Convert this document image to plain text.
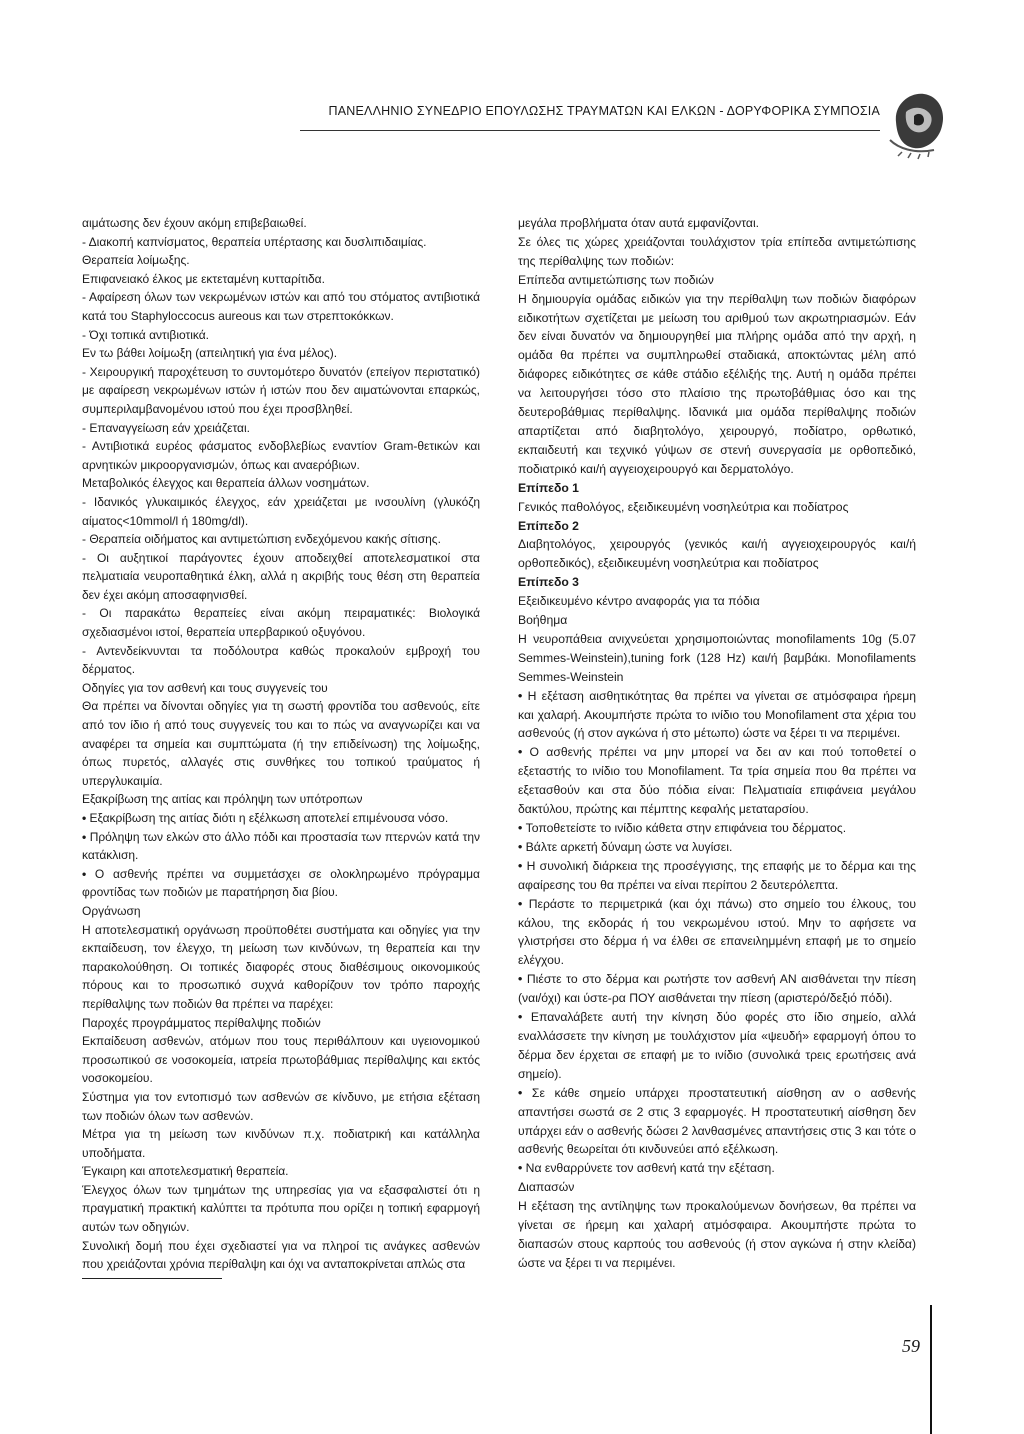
ΠΑΝΕΛΛΗΝΙΟ ΣΥΝΕΔΡΙΟ ΕΠΟΥΛΩΣΗΣ ΤΡΑΥΜΑΤΩΝ ΚΑΙ ΕΛΚΩΝ - ΔΟΡΥΦΟΡΙΚΑ ΣΥΜΠΟΣΙΑ

αιμάτωσης δεν έχουν ακόμη επιβεβαιωθεί.

- Διακοπή καπνίσματος, θεραπεία υπέρτασης και δυσλιπιδαιμίας.

Θεραπεία λοίμωξης.

Επιφανειακό έλκος με εκτεταμένη κυτταρίτιδα.

- Αφαίρεση όλων των νεκρωμένων ιστών και από του στόματος αντιβιοτικά κατά του Staphyloccocus aureous και των στρεπτοκόκκων.

- Όχι τοπικά αντιβιοτικά.

Εν τω βάθει λοίμωξη (απειλητική για ένα μέλος).

- Χειρουργική παροχέτευση το συντομότερο δυνατόν (επείγον περιστατικό) με αφαίρεση νεκρωμένων ιστών ή ιστών που δεν αιματώνονται επαρκώς, συμπεριλαμβανομένου ιστού που έχει προσβληθεί.

- Επαναγγείωση εάν χρειάζεται.

- Αντιβιοτικά ευρέος φάσματος ενδοβλεβίως εναντίον Gram-θετικών και αρνητικών μικροοργανισμών, όπως και αναερόβιων.

Μεταβολικός έλεγχος και θεραπεία άλλων νοσημάτων.

- Ιδανικός γλυκαιμικός έλεγχος, εάν χρειάζεται με ινσουλίνη (γλυκόζη αίματος<10mmol/l ή 180mg/dl).

- Θεραπεία οιδήματος και αντιμετώπιση ενδεχόμενου κακής σίτισης.

- Οι αυξητικοί παράγοντες έχουν αποδειχθεί αποτελεσματικοί στα πελματιαία νευροπαθητικά έλκη, αλλά η ακριβής τους θέση στη θεραπεία δεν έχει ακόμη αποσαφηνισθεί.

- Οι παρακάτω θεραπείες είναι ακόμη πειραματικές: Βιολογικά σχεδιασμένοι ιστοί, θεραπεία υπερβαρικού οξυγόνου.

- Αντενδείκνυνται τα ποδόλουτρα καθώς προκαλούν εμβροχή του δέρματος.

Οδηγίες για τον ασθενή και τους συγγενείς του

Θα πρέπει να δίνονται οδηγίες για τη σωστή φροντίδα του ασθενούς, είτε από τον ίδιο ή από τους συγγενείς του και το πώς να αναγνωρίζει και να αναφέρει τα σημεία και συμπτώματα (ή την επιδείνωση) της λοίμωξης, όπως πυρετός, αλλαγές στις συνθήκες του τοπικού τραύματος ή υπεργλυκαιμία.

Εξακρίβωση της αιτίας και πρόληψη των υπότροπων

• Εξακρίβωση της αιτίας διότι η εξέλκωση αποτελεί επιμένουσα νόσο.

• Πρόληψη των ελκών στο άλλο πόδι και προστασία των πτερνών κατά την κατάκλιση.

• Ο ασθενής πρέπει να συμμετάσχει σε ολοκληρωμένο πρόγραμμα φροντίδας των ποδιών με παρατήρηση δια βίου.

Οργάνωση

Η αποτελεσματική οργάνωση προϋποθέτει συστήματα και οδηγίες για την εκπαίδευση, τον έλεγχο, τη μείωση των κινδύνων, τη θεραπεία και την παρακολούθηση. Οι τοπικές διαφορές στους διαθέσιμους οικονομικούς πόρους και το προσωπικό συχνά καθορίζουν τον τρόπο παροχής περίθαλψης των ποδιών θα πρέπει να παρέχει:

Παροχές προγράμματος περίθαλψης ποδιών

Εκπαίδευση ασθενών, ατόμων που τους περιθάλπουν και υγειονομικού προσωπικού σε νοσοκομεία, ιατρεία πρωτοβάθμιας περίθαλψης και εκτός νοσοκομείου.

Σύστημα για τον εντοπισμό των ασθενών σε κίνδυνο, με ετήσια εξέταση των ποδιών όλων των ασθενών.

Μέτρα για τη μείωση των κινδύνων π.χ. ποδιατρική και κατάλληλα υποδήματα.

Έγκαιρη και αποτελεσματική θεραπεία.

Έλεγχος όλων των τμημάτων της υπηρεσίας για να εξασφαλιστεί ότι η πραγματική πρακτική καλύπτει τα πρότυπα που ορίζει η τοπική εφαρμογή αυτών των οδηγιών.

Συνολική δομή που έχει σχεδιαστεί για να πληροί τις ανάγκες ασθενών που χρειάζονται χρόνια περίθαλψη και όχι να ανταποκρίνεται απλώς στα

μεγάλα προβλήματα όταν αυτά εμφανίζονται.

Σε όλες τις χώρες χρειάζονται τουλάχιστον τρία επίπεδα αντιμετώπισης της περίθαλψης των ποδιών:

Επίπεδα αντιμετώπισης των ποδιών

Η δημιουργία ομάδας ειδικών για την περίθαλψη των ποδιών διαφόρων ειδικοτήτων σχετίζεται με μείωση του αριθμού των ακρωτηριασμών. Εάν δεν είναι δυνατόν να δημιουργηθεί μια πλήρης ομάδα από την αρχή, η ομάδα θα πρέπει να συμπληρωθεί σταδιακά, αποκτώντας μέλη από διάφορες ειδικότητες σε κάθε στάδιο εξέλιξής της. Αυτή η ομάδα πρέπει να λειτουργήσει τόσο στο πλαίσιο της πρωτοβάθμιας όσο και της δευτεροβάθμιας περίθαλψης. Ιδανικά μια ομάδα περίθαλψης ποδιών απαρτίζεται από διαβητολόγο, χειρουργό, ποδίατρο, ορθωτικό, εκπαιδευτή και τεχνικό γύψων σε στενή συνεργασία με ορθοπεδικό, ποδιατρικό και/ή αγγειοχειρουργό και δερματολόγο.

Επίπεδο 1

Γενικός παθολόγος, εξειδικευμένη νοσηλεύτρια και ποδίατρος

Επίπεδο 2

Διαβητολόγος, χειρουργός (γενικός και/ή αγγειοχειρουργός και/ή ορθοπεδικός), εξειδικευμένη νοσηλεύτρια και ποδίατρος

Επίπεδο 3

Εξειδικευμένο κέντρο αναφοράς για τα πόδια

Βοήθημα

Η νευροπάθεια ανιχνεύεται χρησιμοποιώντας monofilaments 10g (5.07 Semmes-Weinstein),tuning fork (128 Hz) και/ή βαμβάκι. Monofilaments Semmes-Weinstein

• Η εξέταση αισθητικότητας θα πρέπει να γίνεται σε ατμόσφαιρα ήρεμη και χαλαρή. Ακουμπήστε πρώτα το ινίδιο του Monofilament στα χέρια του ασθενούς (ή στον αγκώνα ή στο μέτωπο) ώστε να ξέρει τι να περιμένει.

• Ο ασθενής πρέπει να μην μπορεί να δει αν και πού τοποθετεί ο εξεταστής το ινίδιο του Monofilament. Τα τρία σημεία που θα πρέπει να εξετασθούν και στα δύο πόδια είναι: Πελματιαία επιφάνεια μεγάλου δακτύλου, πρώτης και πέμπτης κεφαλής μεταταρσίου.

• Τοποθετείστε το ινίδιο κάθετα στην επιφάνεια του δέρματος.

• Βάλτε αρκετή δύναμη ώστε να λυγίσει.

• Η συνολική διάρκεια της προσέγγισης, της επαφής με το δέρμα και της αφαίρεσης του θα πρέπει να είναι περίπου 2 δευτερόλεπτα.

• Περάστε το περιμετρικά (και όχι πάνω) στο σημείο του έλκους, του κάλου, της εκδοράς ή του νεκρωμένου ιστού. Μην το αφήσετε να γλιστρήσει στο δέρμα ή να έλθει σε επανειλημμένη επαφή με το σημείο ελέγχου.

• Πιέστε το στο δέρμα και ρωτήστε τον ασθενή ΑΝ αισθάνεται την πίεση (ναι/όχι) και ύστε-ρα ΠΟΥ αισθάνεται την πίεση (αριστερό/δεξιό πόδι).

• Επαναλάβετε αυτή την κίνηση δύο φορές στο ίδιο σημείο, αλλά εναλλάσσετε την κίνηση με τουλάχιστον μία «ψευδή» εφαρμογή όπου το δέρμα δεν έρχεται σε επαφή με το ινίδιο (συνολικά τρεις ερωτήσεις ανά σημείο).

• Σε κάθε σημείο υπάρχει προστατευτική αίσθηση αν ο ασθενής απαντήσει σωστά σε 2 στις 3 εφαρμογές. Η προστατευτική αίσθηση δεν υπάρχει εάν ο ασθενής δώσει 2 λανθασμένες απαντήσεις στις 3 και τότε ο ασθενής θεωρείται ότι κινδυνεύει από εξέλκωση.

• Να ενθαρρύνετε τον ασθενή κατά την εξέταση.

Διαπασών

Η εξέταση της αντίληψης των προκαλούμενων δονήσεων, θα πρέπει να γίνεται σε ήρεμη και χαλαρή ατμόσφαιρα. Ακουμπήστε πρώτα το διαπασών στους καρπούς του ασθενούς (ή στον αγκώνα ή στην κλείδα) ώστε να ξέρει τι να περιμένει.

59
